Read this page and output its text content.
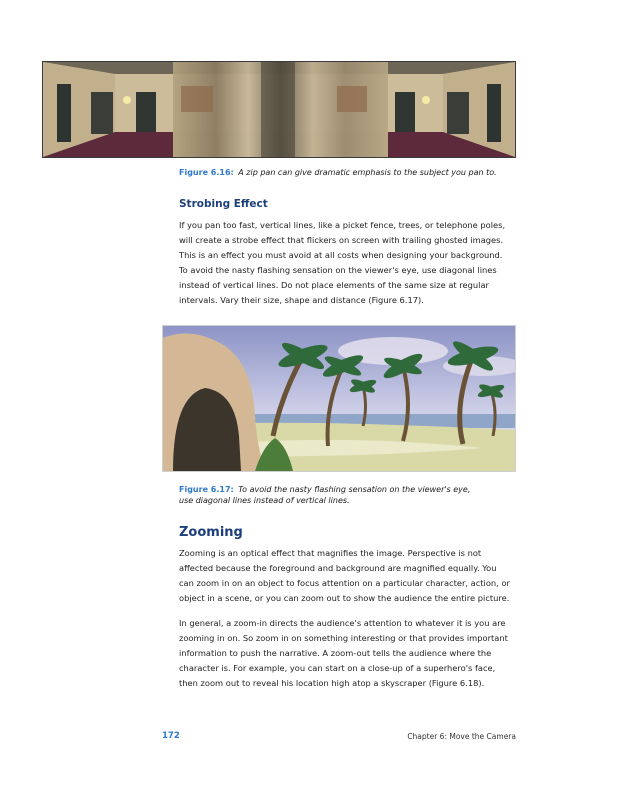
Figure 6.16: A zip pan can give dramatic emphasis to the subject you pan to.
Strobing Effect
If you pan too fast, vertical lines, like a picket fence, trees, or telephone poles,
will create a strobe effect that flickers on screen with trailing ghosted images.
This is an effect you must avoid at all costs when designing your background.
To avoid the nasty flashing sensation on the viewer's eye, use diagonal lines
instead of vertical lines. Do not place elements of the same size at regular
intervals. Vary their size, shape and distance (Figure 6.17).
Figure 6.17: To avoid the nasty flashing sensation on the viewer's eye,
use diagonal lines instead of vertical lines.
Zooming
Zooming is an optical effect that magnifies the image. Perspective is not
affected because the foreground and background are magnified equally. You
can zoom in on an object to focus attention on a particular character, action, or
object in a scene, or you can zoom out to show the audience the entire picture.
In general, a zoom-in directs the audience's attention to whatever it is you are
zooming in on. So zoom in on something interesting or that provides important
information to push the narrative. A zoom-out tells the audience where the
character is. For example, you can start on a close-up of a superhero's face,
then zoom out to reveal his location high atop a skyscraper (Figure 6.18).
172	Chapter 6: Move the Camera
